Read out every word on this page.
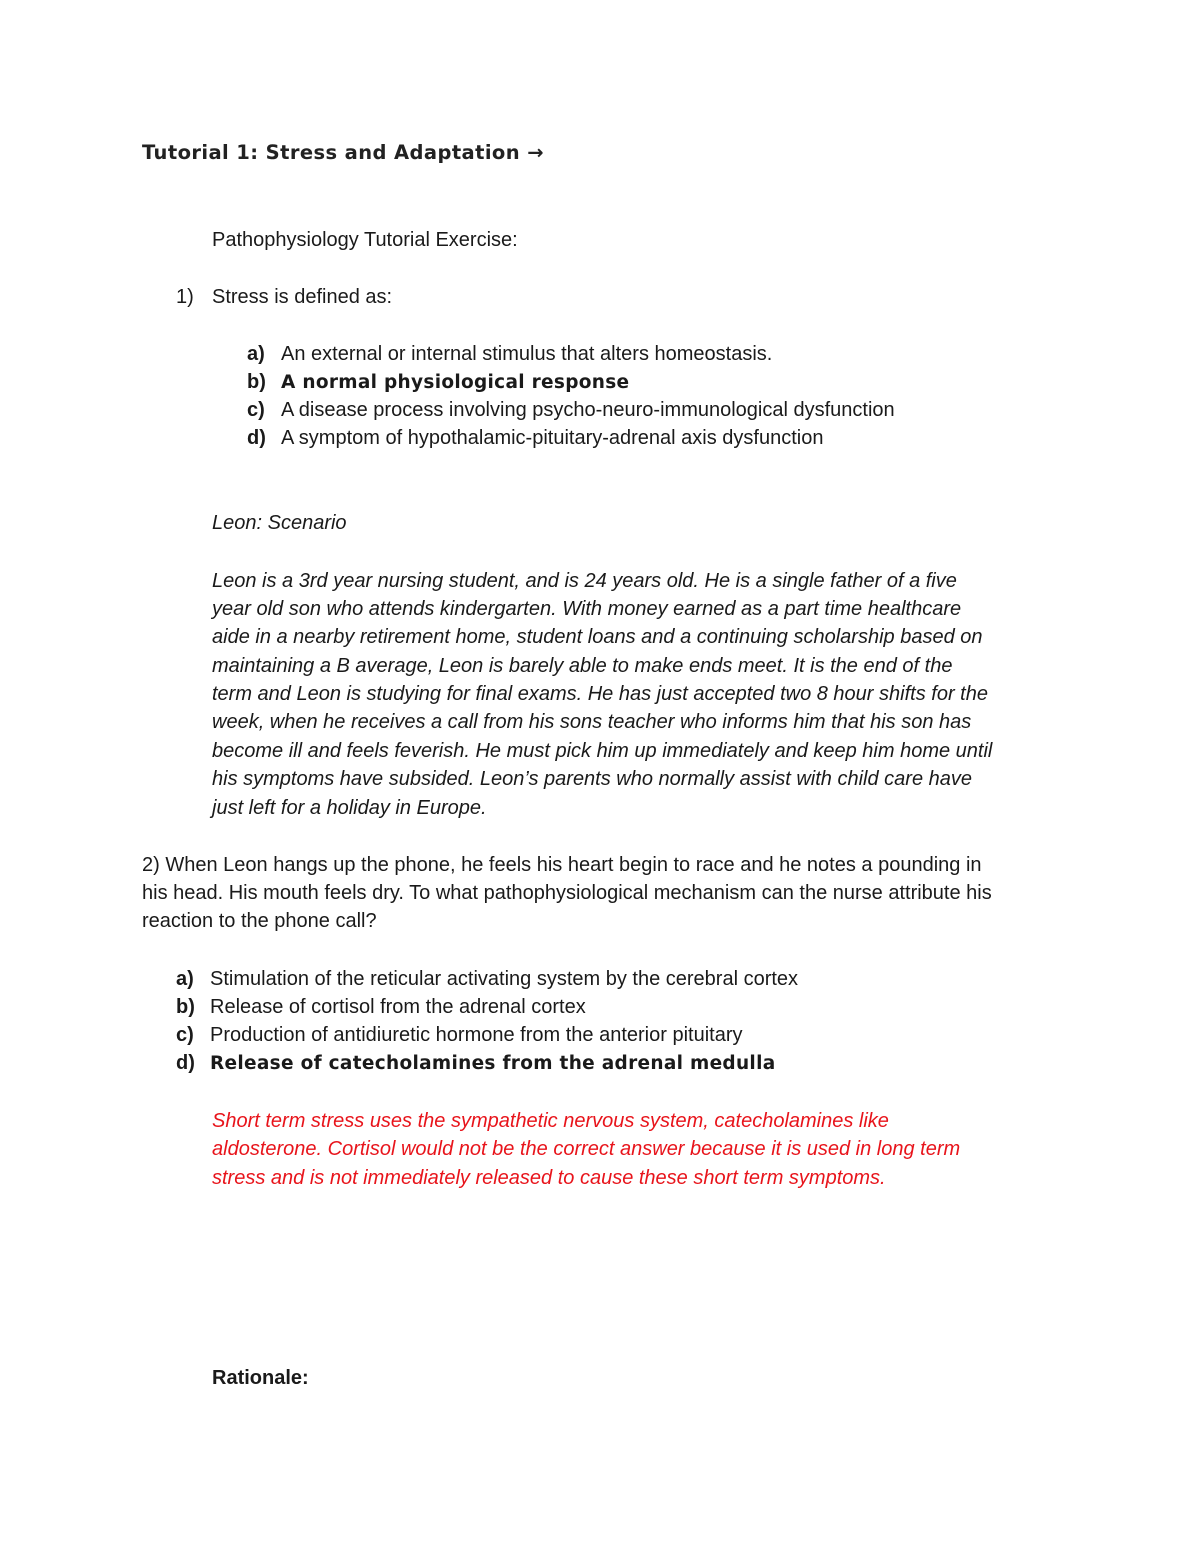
Tutorial 1: Stress and Adaptation →
Pathophysiology Tutorial Exercise:
1) Stress is defined as:
a) An external or internal stimulus that alters homeostasis.
b) A normal physiological response
c) A disease process involving psycho-neuro-immunological dysfunction
d) A symptom of hypothalamic-pituitary-adrenal axis dysfunction
Leon: Scenario
Leon is a 3rd year nursing student, and is 24 years old. He is a single father of a five
year old son who attends kindergarten. With money earned as a part time healthcare
aide in a nearby retirement home, student loans and a continuing scholarship based on
maintaining a B average, Leon is barely able to make ends meet. It is the end of the
term and Leon is studying for final exams. He has just accepted two 8 hour shifts for the
week, when he receives a call from his sons teacher who informs him that his son has
become ill and feels feverish. He must pick him up immediately and keep him home until
his symptoms have subsided. Leon’s parents who normally assist with child care have
just left for a holiday in Europe.
2) When Leon hangs up the phone, he feels his heart begin to race and he notes a pounding in
his head. His mouth feels dry. To what pathophysiological mechanism can the nurse attribute his
reaction to the phone call?
a) Stimulation of the reticular activating system by the cerebral cortex
b) Release of cortisol from the adrenal cortex
c) Production of antidiuretic hormone from the anterior pituitary
d) Release of catecholamines from the adrenal medulla
Short term stress uses the sympathetic nervous system, catecholamines like
aldosterone. Cortisol would not be the correct answer because it is used in long term
stress and is not immediately released to cause these short term symptoms.
Rationale:
